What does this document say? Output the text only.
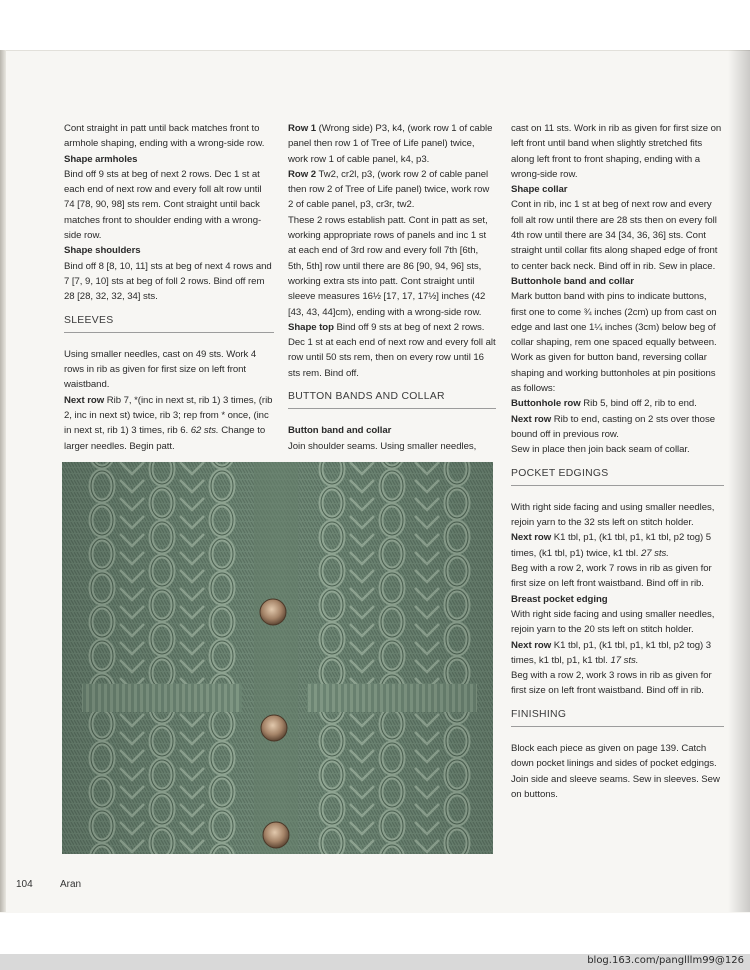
Cont straight in patt until back matches front to armhole shaping, ending with a wrong-side row.

Shape armholes

Bind off 9 sts at beg of next 2 rows. Dec 1 st at each end of next row and every foll alt row until 74 [78, 90, 98] sts rem. Cont straight until back matches front to shoulder ending with a wrong-side row.

Shape shoulders

Bind off 8 [8, 10, 11] sts at beg of next 4 rows and 7 [7, 9, 10] sts at beg of foll 2 rows. Bind off rem 28 [28, 32, 32, 34] sts.

SLEEVES

Using smaller needles, cast on 49 sts. Work 4 rows in rib as given for first size on left front waistband.

Next row Rib 7, *(inc in next st, rib 1) 3 times, (rib 2, inc in next st) twice, rib 3; rep from * once, (inc in next st, rib 1) 3 times, rib 6. 62 sts. Change to larger needles. Begin patt.

Row 1 (Wrong side) P3, k4, (work row 1 of cable panel then row 1 of Tree of Life panel) twice, work row 1 of cable panel, k4, p3.

Row 2 Tw2, cr2l, p3, (work row 2 of cable panel then row 2 of Tree of Life panel) twice, work row 2 of cable panel, p3, cr3r, tw2.

These 2 rows establish patt. Cont in patt as set, working appropriate rows of panels and inc 1 st at each end of 3rd row and every foll 7th [6th, 5th, 5th] row until there are 86 [90, 94, 96] sts, working extra sts into patt. Cont straight until sleeve measures 16½ [17, 17, 17½] inches (42 [43, 43, 44]cm), ending with a wrong-side row.

Shape top Bind off 9 sts at beg of next 2 rows. Dec 1 st at each end of next row and every foll alt row until 50 sts rem, then on every row until 16 sts rem. Bind off.

BUTTON BANDS AND COLLAR

Button band and collar

Join shoulder seams. Using smaller needles,

cast on 11 sts. Work in rib as given for first size on left front until band when slightly stretched fits along left front to front shaping, ending with a wrong-side row.

Shape collar

Cont in rib, inc 1 st at beg of next row and every foll alt row until there are 28 sts then on every foll 4th row until there are 34 [34, 36, 36] sts. Cont straight until collar fits along shaped edge of front to center back neck. Bind off in rib. Sew in place.

Buttonhole band and collar

Mark button band with pins to indicate buttons, first one to come ¾ inches (2cm) up from cast on edge and last one 1¼ inches (3cm) below beg of collar shaping, rem one spaced equally between. Work as given for button band, reversing collar shaping and working buttonholes at pin positions as follows:

Buttonhole row Rib 5, bind off 2, rib to end.

Next row Rib to end, casting on 2 sts over those bound off in previous row.

Sew in place then join back seam of collar.

POCKET EDGINGS

With right side facing and using smaller needles, rejoin yarn to the 32 sts left on stitch holder.

Next row K1 tbl, p1, (k1 tbl, p1, k1 tbl, p2 tog) 5 times, (k1 tbl, p1) twice, k1 tbl. 27 sts.

Beg with a row 2, work 7 rows in rib as given for first size on left front waistband. Bind off in rib.

Breast pocket edging

With right side facing and using smaller needles, rejoin yarn to the 20 sts left on stitch holder.

Next row K1 tbl, p1, (k1 tbl, p1, k1 tbl, p2 tog) 3 times, k1 tbl, p1, k1 tbl. 17 sts.

Beg with a row 2, work 3 rows in rib as given for first size on left front waistband. Bind off in rib.

FINISHING

Block each piece as given on page 139. Catch down pocket linings and sides of pocket edgings. Join side and sleeve seams. Sew in sleeves. Sew on buttons.

104	Aran
blog.163.com/panglllm99@126
